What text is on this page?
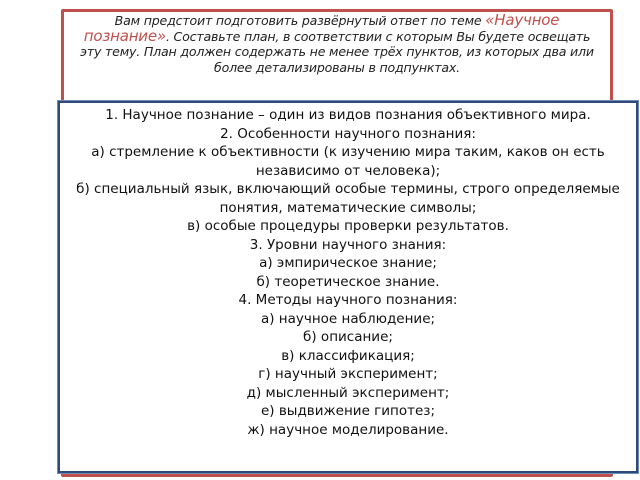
Вам предстоит подготовить развёрнутый ответ по теме «Научное познание». Составьте план, в соответствии с которым Вы будете освещать эту тему. План должен содержать не менее трёх пунктов, из которых два или более детализированы в подпунктах.

1. Научное познание – один из видов познания объективного мира.

2. Особенности научного познания:

а) стремление к объективности (к изучению мира таким, каков он есть независимо от человека);

б) специальный язык, включающий особые термины, строго определяемые понятия, математические символы;

в) особые процедуры проверки результатов.

3. Уровни научного знания:

а) эмпирическое знание;

б) теоретическое знание.

4. Методы научного познания:

а) научное наблюдение;

б) описание;

в) классификация;

г) научный эксперимент;

д) мысленный эксперимент;

е) выдвижение гипотез;

ж) научное моделирование.
